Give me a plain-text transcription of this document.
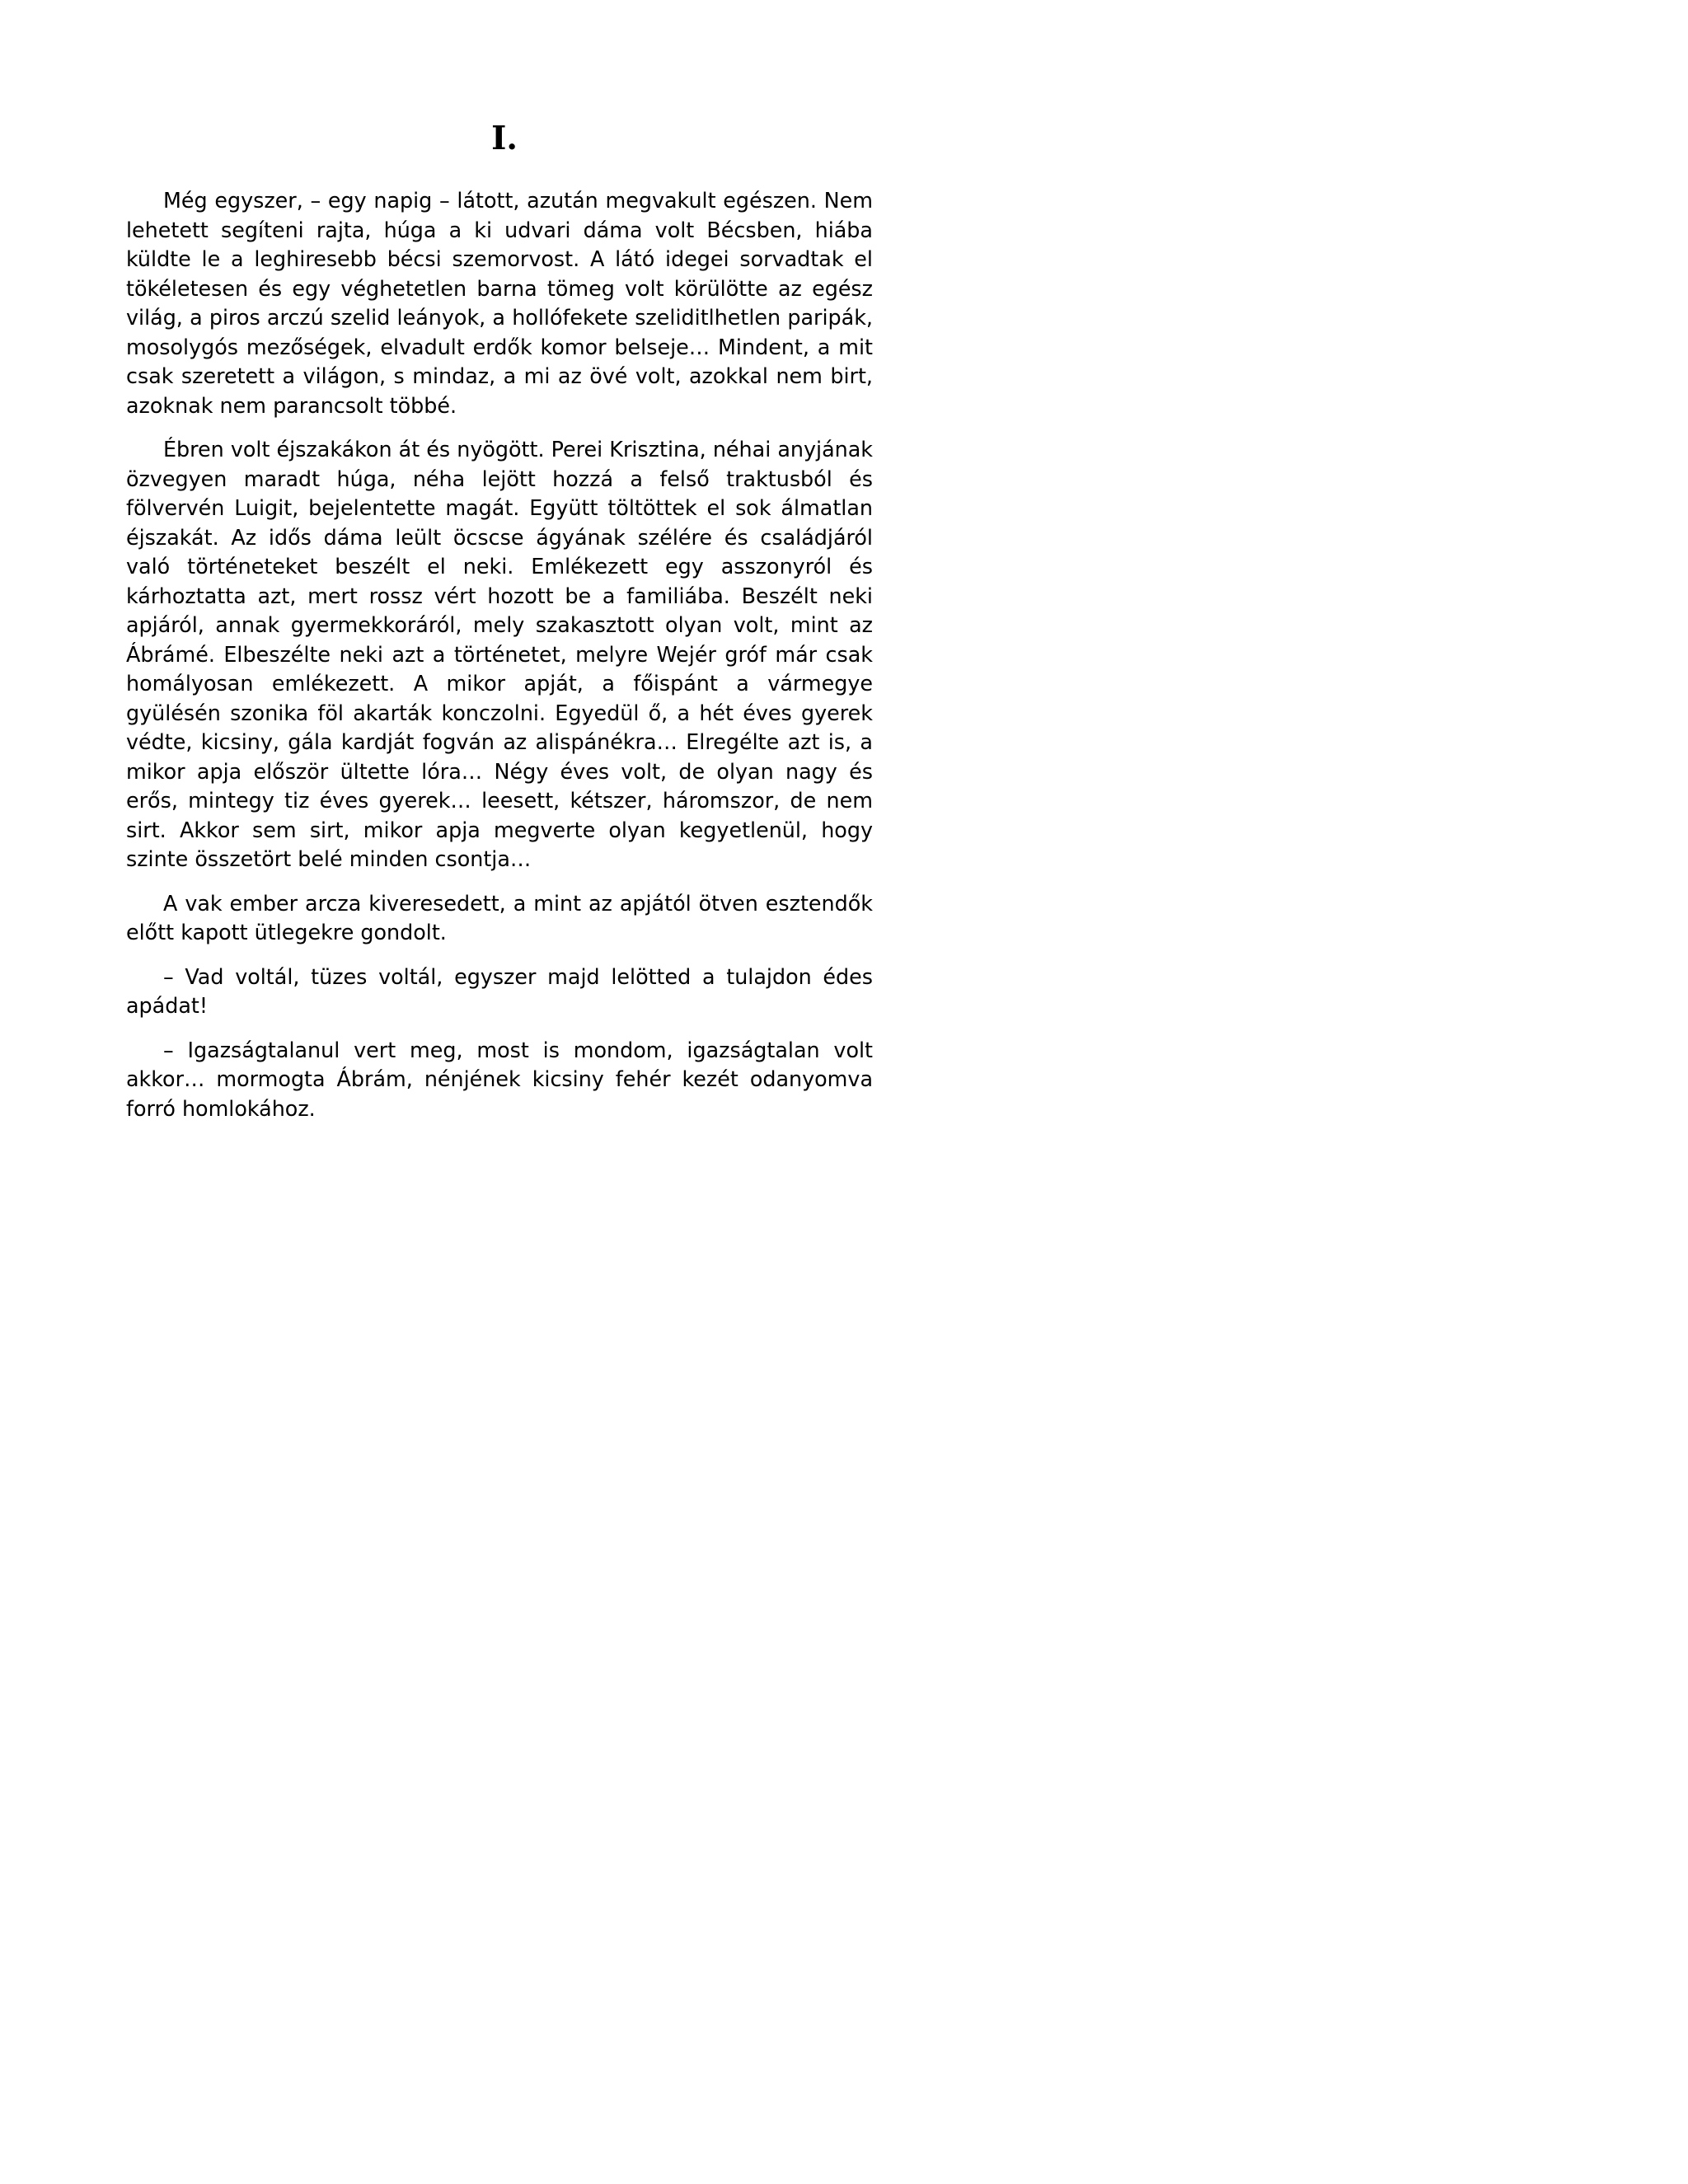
I.

Még egyszer, – egy napig – látott, azután megvakult egészen. Nem lehetett segíteni rajta, húga a ki udvari dáma volt Bécsben, hiába küldte le a leghiresebb bécsi szemorvost. A látó idegei sorvadtak el tökéletesen és egy véghetetlen barna tömeg volt körülötte az egész világ, a piros arczú szelid leányok, a hollófekete szeliditlhetlen paripák, mosolygós mezőségek, elvadult erdők komor belseje… Mindent, a mit csak szeretett a világon, s mindaz, a mi az övé volt, azokkal nem birt, azoknak nem parancsolt többé.

Ébren volt éjszakákon át és nyögött. Perei Krisztina, néhai anyjának özvegyen maradt húga, néha lejött hozzá a felső traktusból és fölvervén Luigit, bejelentette magát. Együtt töltöttek el sok álmatlan éjszakát. Az idős dáma leült öcscse ágyának szélére és családjáról való történeteket beszélt el neki. Emlékezett egy asszonyról és kárhoztatta azt, mert rossz vért hozott be a familiába. Beszélt neki apjáról, annak gyermekkoráról, mely szakasztott olyan volt, mint az Ábrámé. Elbeszélte neki azt a történetet, melyre Wejér gróf már csak homályosan emlékezett. A mikor apját, a főispánt a vármegye gyülésén szonika föl akarták konczolni. Egyedül ő, a hét éves gyerek védte, kicsiny, gála kardját fogván az alispánékra… Elregélte azt is, a mikor apja először ültette lóra… Négy éves volt, de olyan nagy és erős, mintegy tiz éves gyerek… leesett, kétszer, háromszor, de nem sirt. Akkor sem sirt, mikor apja megverte olyan kegyetlenül, hogy szinte összetört belé minden csontja…

A vak ember arcza kiveresedett, a mint az apjától ötven esztendők előtt kapott ütlegekre gondolt.

– Vad voltál, tüzes voltál, egyszer majd lelötted a tulajdon édes apádat!

– Igazságtalanul vert meg, most is mondom, igazságtalan volt akkor… mormogta Ábrám, nénjének kicsiny fehér kezét odanyomva forró homlokához.
